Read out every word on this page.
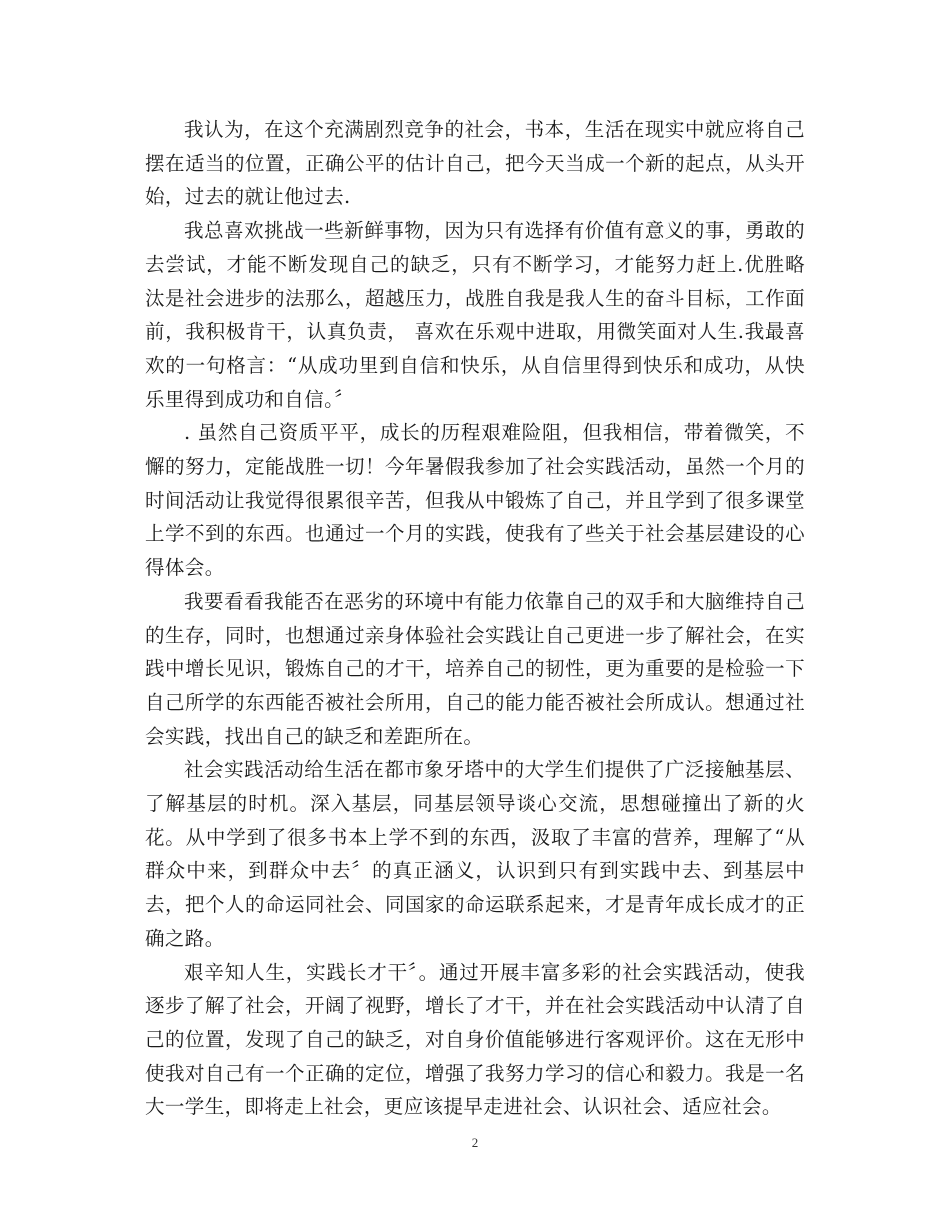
我认为，在这个充满剧烈竞争的社会，书本，生活在现实中就应将自己摆在适当的位置，正确公平的估计自己，把今天当成一个新的起点，从头开始，过去的就让他过去.

我总喜欢挑战一些新鲜事物，因为只有选择有价值有意义的事，勇敢的去尝试，才能不断发现自己的缺乏，只有不断学习，才能努力赶上.优胜略汰是社会进步的法那么，超越压力，战胜自我是我人生的奋斗目标，工作面前，我积极肯干，认真负责， 喜欢在乐观中进取，用微笑面对人生.我最喜欢的一句格言：“从成功里到自信和快乐，从自信里得到快乐和成功，从快乐里得到成功和自信。〞

. 虽然自己资质平平，成长的历程艰难险阻，但我相信，带着微笑，不懈的努力，定能战胜一切！今年暑假我参加了社会实践活动，虽然一个月的时间活动让我觉得很累很辛苦，但我从中锻炼了自己，并且学到了很多课堂上学不到的东西。也通过一个月的实践，使我有了些关于社会基层建设的心得体会。

我要看看我能否在恶劣的环境中有能力依靠自己的双手和大脑维持自己的生存，同时，也想通过亲身体验社会实践让自己更进一步了解社会，在实践中增长见识，锻炼自己的才干，培养自己的韧性，更为重要的是检验一下自己所学的东西能否被社会所用，自己的能力能否被社会所成认。想通过社会实践，找出自己的缺乏和差距所在。

社会实践活动给生活在都市象牙塔中的大学生们提供了广泛接触基层、了解基层的时机。深入基层，同基层领导谈心交流，思想碰撞出了新的火花。从中学到了很多书本上学不到的东西，汲取了丰富的营养，理解了“从群众中来，到群众中去〞的真正涵义，认识到只有到实践中去、到基层中去，把个人的命运同社会、同国家的命运联系起来，才是青年成长成才的正确之路。

艰辛知人生，实践长才干〞。通过开展丰富多彩的社会实践活动，使我逐步了解了社会，开阔了视野，增长了才干，并在社会实践活动中认清了自己的位置，发现了自己的缺乏，对自身价值能够进行客观评价。这在无形中使我对自己有一个正确的定位，增强了我努力学习的信心和毅力。我是一名大一学生，即将走上社会，更应该提早走进社会、认识社会、适应社会。

2
